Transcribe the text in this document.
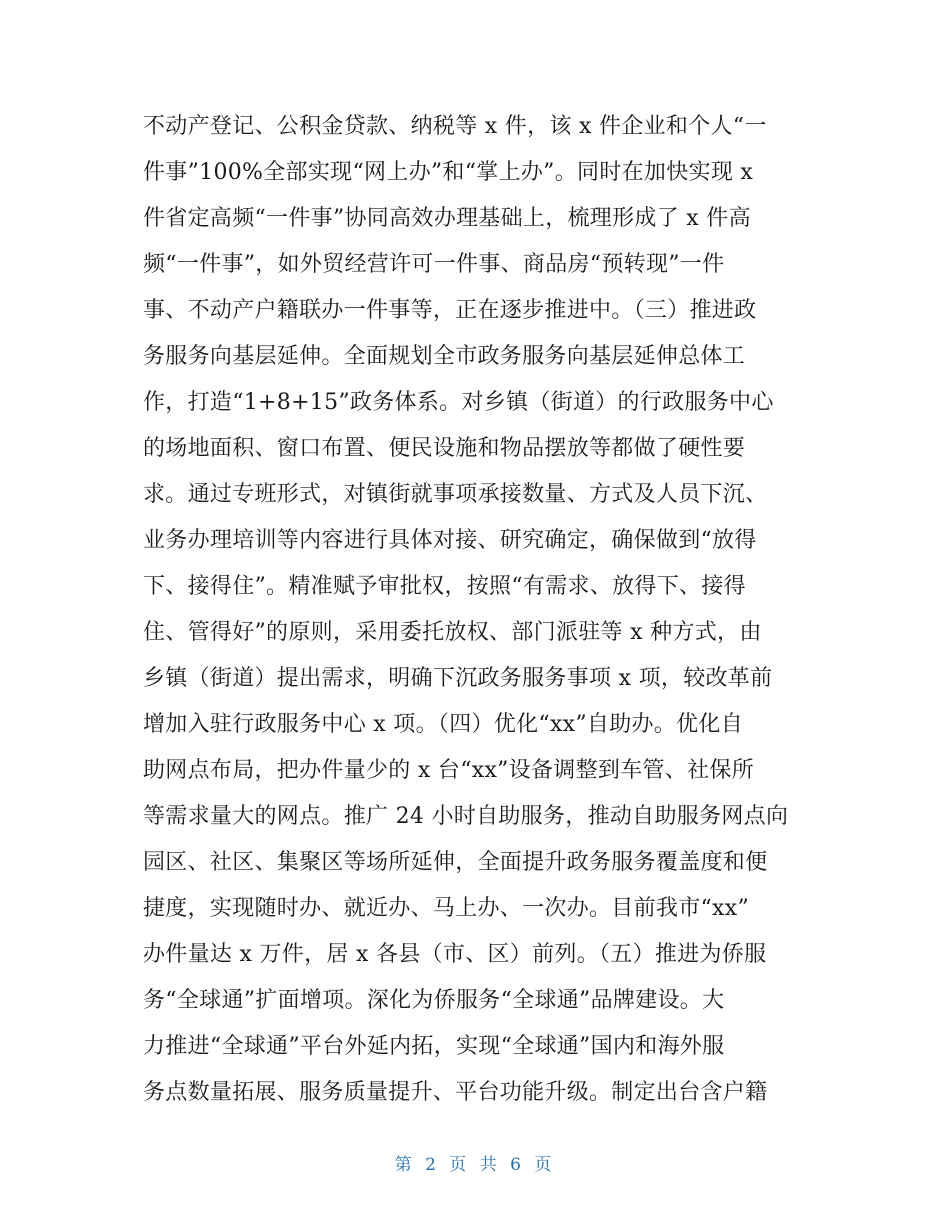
不动产登记、公积金贷款、纳税等 x 件，该 x 件企业和个人“一
件事”100%全部实现“网上办”和“掌上办”。同时在加快实现 x
件省定高频“一件事”协同高效办理基础上，梳理形成了 x 件高
频“一件事”，如外贸经营许可一件事、商品房“预转现”一件
事、不动产户籍联办一件事等，正在逐步推进中。（三）推进政
务服务向基层延伸。全面规划全市政务服务向基层延伸总体工
作，打造“1+8+15”政务体系。对乡镇（街道）的行政服务中心
的场地面积、窗口布置、便民设施和物品摆放等都做了硬性要
求。通过专班形式，对镇街就事项承接数量、方式及人员下沉、
业务办理培训等内容进行具体对接、研究确定，确保做到“放得
下、接得住”。精准赋予审批权，按照“有需求、放得下、接得
住、管得好”的原则，采用委托放权、部门派驻等 x 种方式，由
乡镇（街道）提出需求，明确下沉政务服务事项 x 项，较改革前
增加入驻行政服务中心 x 项。（四）优化“xx”自助办。优化自
助网点布局，把办件量少的 x 台“xx”设备调整到车管、社保所
等需求量大的网点。推广 24 小时自助服务，推动自助服务网点向
园区、社区、集聚区等场所延伸，全面提升政务服务覆盖度和便
捷度，实现随时办、就近办、马上办、一次办。目前我市“xx”
办件量达 x 万件，居 x 各县（市、区）前列。（五）推进为侨服
务“全球通”扩面增项。深化为侨服务“全球通”品牌建设。大
力推进“全球通”平台外延内拓，实现“全球通”国内和海外服
务点数量拓展、服务质量提升、平台功能升级。制定出台含户籍
第 2 页 共 6 页
